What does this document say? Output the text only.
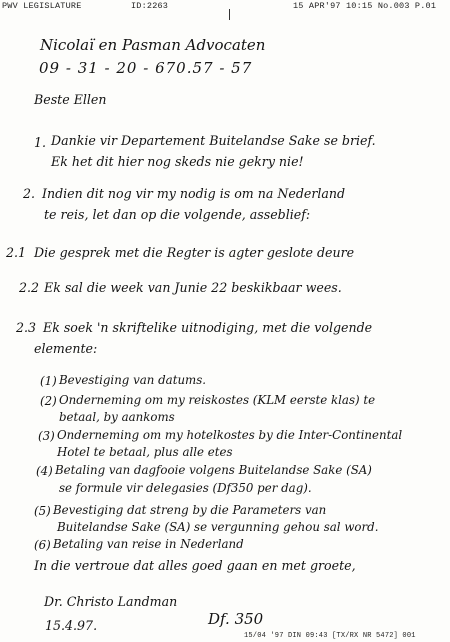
PWV LEGISLATURE	ID:2263	15 APR'97 10:15 No.003 P.01
Nicolaï en Pasman Advocaten
09 - 31 - 20 - 670.57 - 57
Beste Ellen
1. Dankie vir Departement Buitelandse Sake se brief.
Ek het dit hier nog skeds nie gekry nie!
2. Indien dit nog vir my nodig is om na Nederland
te reis, let dan op die volgende, asseblief:
2.1 Die gesprek met die Regter is agter geslote deure
2.2 Ek sal die week van Junie 22 beskikbaar wees.
2.3 Ek soek 'n skriftelike uitnodiging, met die volgende
elemente:
(1) Bevestiging van datums.
(2) Onderneming om my reiskostes (KLM eerste klas) te
betaal, by aankoms
(3) Onderneming om my hotelkostes by die Inter-Continental
Hotel te betaal, plus alle etes
(4) Betaling van dagfooie volgens Buitelandse Sake (SA)
se formule vir delegasies (Df350 per dag).
(5) Bevestiging dat streng by die Parameters van
Buitelandse Sake (SA) se vergunning gehou sal word.
(6) Betaling van reise in Nederland
In die vertroue dat alles goed gaan en met groete,
Dr. Christo Landman
15.4.97.	Df. 350
15/04 '97 DIN 09:43 [TX/RX NR 5472] 001
